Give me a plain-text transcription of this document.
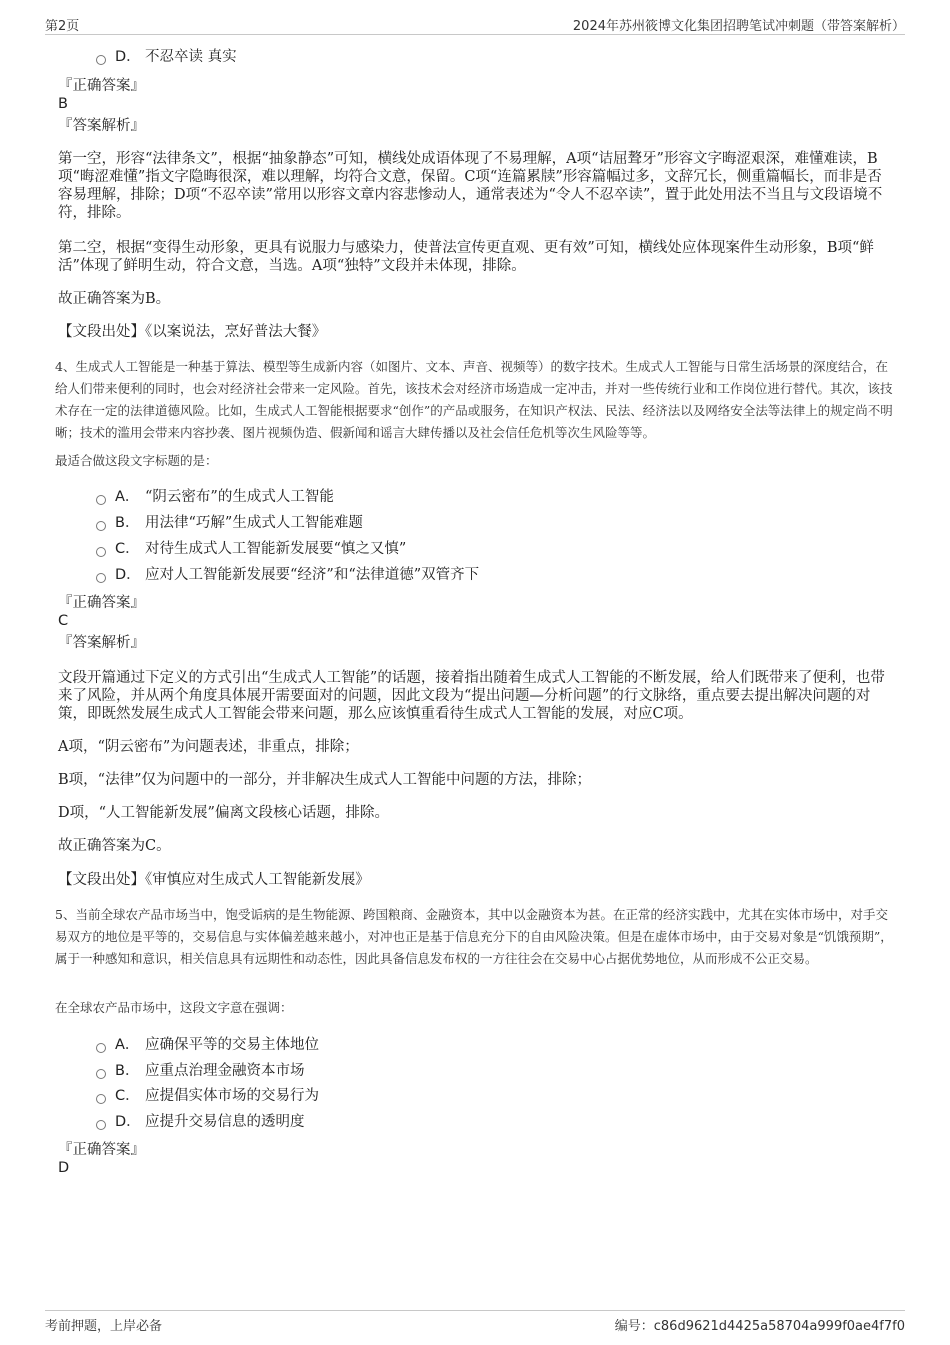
第2页	2024年苏州筱博文化集团招聘笔试冲刺题（带答案解析）
D． 不忍卒读 真实
『正确答案』
B
『答案解析』

第一空，形容“法律条文”，根据“抽象静态”可知，横线处成语体现了不易理解，A项“诘屈聱牙”形容文字晦涩艰深，难懂难读，B项“晦涩难懂”指文字隐晦很深，难以理解，均符合文意，保留。C项“连篇累牍”形容篇幅过多，文辞冗长，侧重篇幅长，而非是否容易理解，排除；D项“不忍卒读”常用以形容文章内容悲惨动人，通常表述为“令人不忍卒读”，置于此处用法不当且与文段语境不符，排除。

第二空，根据“变得生动形象，更具有说服力与感染力，使普法宣传更直观、更有效”可知，横线处应体现案件生动形象，B项“鲜活”体现了鲜明生动，符合文意，当选。A项“独特”文段并未体现，排除。

故正确答案为B。

【文段出处】《以案说法，烹好普法大餐》

4、生成式人工智能是一种基于算法、模型等生成新内容（如图片、文本、声音、视频等）的数字技术。生成式人工智能与日常生活场景的深度结合，在给人们带来便利的同时，也会对经济社会带来一定风险。首先，该技术会对经济市场造成一定冲击，并对一些传统行业和工作岗位进行替代。其次，该技术存在一定的法律道德风险。比如，生成式人工智能根据要求“创作”的产品或服务，在知识产权法、民法、经济法以及网络安全法等法律上的规定尚不明晰；技术的滥用会带来内容抄袭、图片视频伪造、假新闻和谣言大肆传播以及社会信任危机等次生风险等等。

最适合做这段文字标题的是：

A． “阴云密布”的生成式人工智能
B． 用法律“巧解”生成式人工智能难题
C． 对待生成式人工智能新发展要“慎之又慎”
D． 应对人工智能新发展要“经济”和“法律道德”双管齐下
『正确答案』
C
『答案解析』

文段开篇通过下定义的方式引出“生成式人工智能”的话题，接着指出随着生成式人工智能的不断发展，给人们既带来了便利，也带来了风险，并从两个角度具体展开需要面对的问题，因此文段为“提出问题—分析问题”的行文脉络，重点要去提出解决问题的对策，即既然发展生成式人工智能会带来问题，那么应该慎重看待生成式人工智能的发展，对应C项。

A项，“阴云密布”为问题表述，非重点，排除；

B项，“法律”仅为问题中的一部分，并非解决生成式人工智能中问题的方法，排除；

D项，“人工智能新发展”偏离文段核心话题，排除。

故正确答案为C。

【文段出处】《审慎应对生成式人工智能新发展》

5、当前全球农产品市场当中，饱受诟病的是生物能源、跨国粮商、金融资本，其中以金融资本为甚。在正常的经济实践中，尤其在实体市场中，对手交易双方的地位是平等的，交易信息与实体偏差越来越小，对冲也正是基于信息充分下的自由风险决策。但是在虚体市场中，由于交易对象是“饥饿预期”，属于一种感知和意识，相关信息具有远期性和动态性，因此具备信息发布权的一方往往会在交易中心占据优势地位，从而形成不公正交易。

在全球农产品市场中，这段文字意在强调：

A． 应确保平等的交易主体地位
B． 应重点治理金融资本市场
C． 应提倡实体市场的交易行为
D． 应提升交易信息的透明度
『正确答案』
D
考前押题，上岸必备	编号：c86d9621d4425a58704a999f0ae4f7f0
